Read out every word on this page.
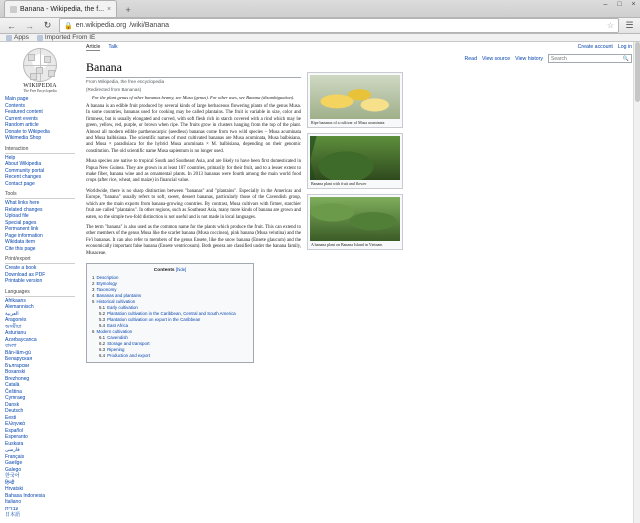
Banana - Wikipedia, the f... ×	+
–	□	×
← →	↻	🔒 en.wikipedia.org /wiki/Banana	☆ ☰
Apps Imported From IE
Create account Log in
WIKIPEDIA
The Free Encyclopedia
Main page
Contents
Featured content
Current events
Random article
Donate to Wikipedia
Wikimedia Shop
Interaction
Help
About Wikipedia
Community portal
Recent changes
Contact page
Tools
What links here
Related changes
Upload file
Special pages
Permanent link
Page information
Wikidata item
Cite this page
Print/export
Create a book
Download as PDF
Printable version
Languages
Afrikaans
Alemannisch
العربية
Aragonés
অসমীয়া
Asturianu
Azərbaycanca
বাংলা
Bân-lâm-gú
Беларуская
Български
Bosanski
Brezhoneg
Català
Čeština
Cymraeg
Dansk
Deutsch
Eesti
Ελληνικά
Español
Esperanto
Euskara
فارسی
Français
Gaeilge
Galego
한국어
हिन्दी
Hrvatski
Bahasa Indonesia
Italiano
עברית
日本語
Article Talk
Read View source View history Search	🔍
Banana
From Wikipedia, the free encyclopedia
(Redirected from Bananas)
For the plant genus of other bananas beamy, see Musa (genus). For other uses, see Banana (disambiguation).

A banana is an edible fruit produced by several kinds of large herbaceous flowering plants of the genus Musa. In some countries, bananas used for cooking may be called plantains. The fruit is variable in size, color and firmness, but is usually elongated and curved, with soft flesh rich in starch covered with a rind which may be green, yellow, red, purple, or brown when ripe. The fruits grow in clusters hanging from the top of the plant. Almost all modern edible parthenocarpic (seedless) bananas come from two wild species – Musa acuminata and Musa balbisiana. The scientific names of most cultivated bananas are Musa acuminata, Musa balbisiana, and Musa × paradisiaca for the hybrid Musa acuminata × M. balbisiana, depending on their genomic constitution. The old scientific name Musa sapientum is no longer used.

Musa species are native to tropical South and Southeast Asia, and are likely to have been first domesticated in Papua New Guinea. They are grown in at least 107 countries, primarily for their fruit, and to a lesser extent to make fiber, banana wine and as ornamental plants. In 2013 bananas were fourth among the main world food crops (after rice, wheat, and maize) in financial value.

Worldwide, there is no sharp distinction between "bananas" and "plantains". Especially in the Americas and Europe, "banana" usually refers to soft, sweet, dessert bananas, particularly those of the Cavendish group, which are the main exports from banana-growing countries. By contrast, Musa cultivars with firmer, starchier fruit are called "plantains". In other regions, such as Southeast Asia, many more kinds of banana are grown and eaten, so the simple two-fold distinction is not useful and is not made in local languages.

The term "banana" is also used as the common name for the plants which produce the fruit. This can extend to other members of the genus Musa like the scarlet banana (Musa coccinea), pink banana (Musa velutina) and the Fe'i bananas. It can also refer to members of the genus Ensete, like the snow banana (Ensete glaucum) and the economically important false banana (Ensete ventricosum). Both genera are classified under the banana family, Musaceae.

Contents [hide]
1 Description
2 Etymology
3 Taxonomy
4 Bananas and plantains
5 Historical cultivation
5.1 Early cultivation
5.2 Plantation cultivation in the Caribbean, Central and South America
5.3 Plantation cultivation on export in the Caribbean
5.4 East Africa
6 Modern cultivation
6.1 Cavendish
6.2 Storage and transport
6.3 Ripening
6.4 Production and export
Ripe bananas of a cultivar of Musa acuminata
Banana plant with fruit and flower
A banana plant on Banana Island in Vietnam
